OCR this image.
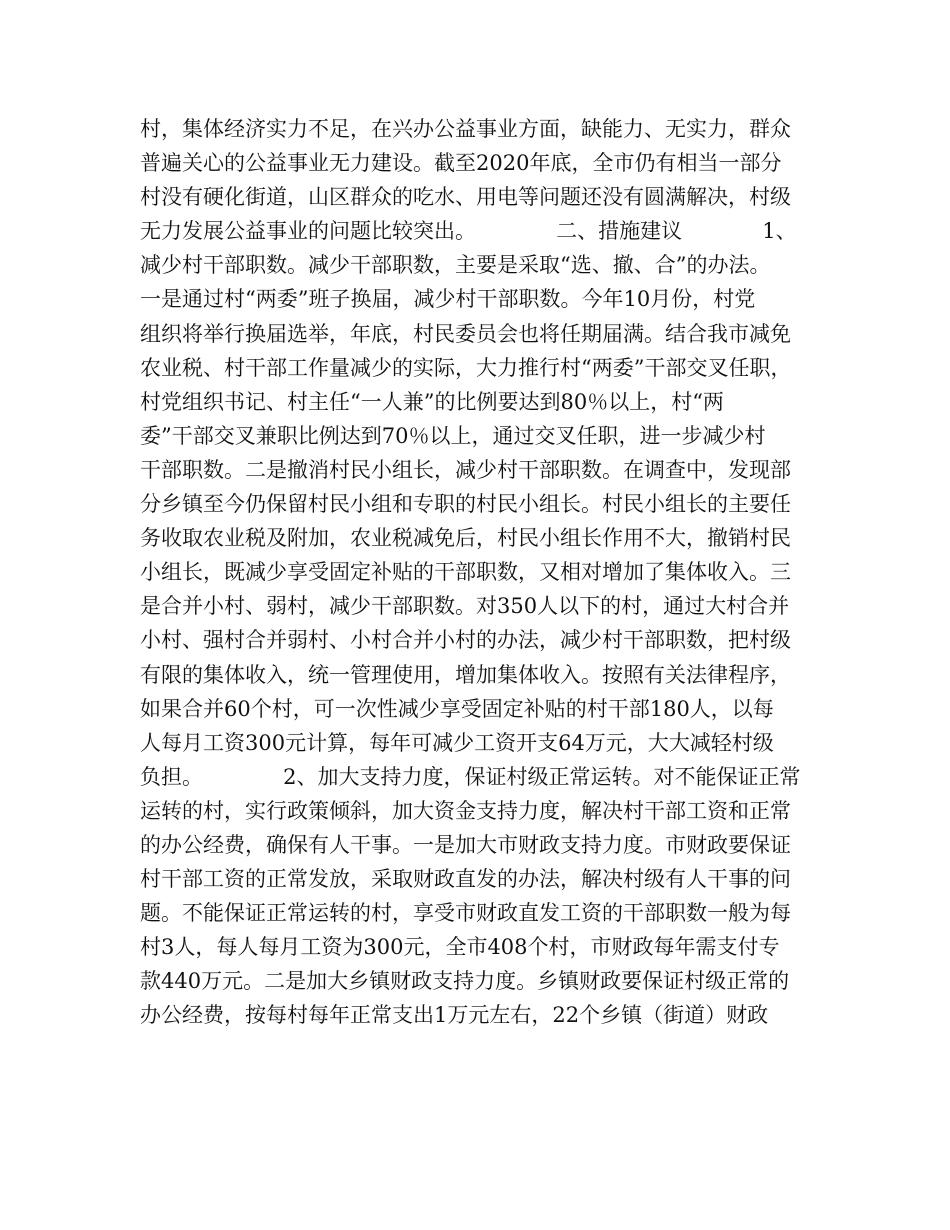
村，集体经济实力不足，在兴办公益事业方面，缺能力、无实力，群众
普遍关心的公益事业无力建设。截至2020年底，全市仍有相当一部分
村没有硬化街道，山区群众的吃水、用电等问题还没有圆满解决，村级
无力发展公益事业的问题比较突出。            二、措施建议            1、
减少村干部职数。减少干部职数，主要是采取“选、撤、合”的办法。
一是通过村“两委”班子换届，减少村干部职数。今年10月份，村党
组织将举行换届选举，年底，村民委员会也将任期届满。结合我市减免
农业税、村干部工作量减少的实际，大力推行村“两委”干部交叉任职，
村党组织书记、村主任“一人兼”的比例要达到80％以上，村“两
委”干部交叉兼职比例达到70％以上，通过交叉任职，进一步减少村
干部职数。二是撤消村民小组长，减少村干部职数。在调查中，发现部
分乡镇至今仍保留村民小组和专职的村民小组长。村民小组长的主要任
务收取农业税及附加，农业税减免后，村民小组长作用不大，撤销村民
小组长，既减少享受固定补贴的干部职数，又相对增加了集体收入。三
是合并小村、弱村，减少干部职数。对350人以下的村，通过大村合并
小村、强村合并弱村、小村合并小村的办法，减少村干部职数，把村级
有限的集体收入，统一管理使用，增加集体收入。按照有关法律程序，
如果合并60个村，可一次性减少享受固定补贴的村干部180人，以每
人每月工资300元计算，每年可减少工资开支64万元，大大减轻村级
负担。            2、加大支持力度，保证村级正常运转。对不能保证正常
运转的村，实行政策倾斜，加大资金支持力度，解决村干部工资和正常
的办公经费，确保有人干事。一是加大市财政支持力度。市财政要保证
村干部工资的正常发放，采取财政直发的办法，解决村级有人干事的问
题。不能保证正常运转的村，享受市财政直发工资的干部职数一般为每
村3人，每人每月工资为300元，全市408个村，市财政每年需支付专
款440万元。二是加大乡镇财政支持力度。乡镇财政要保证村级正常的
办公经费，按每村每年正常支出1万元左右，22个乡镇（街道）财政
